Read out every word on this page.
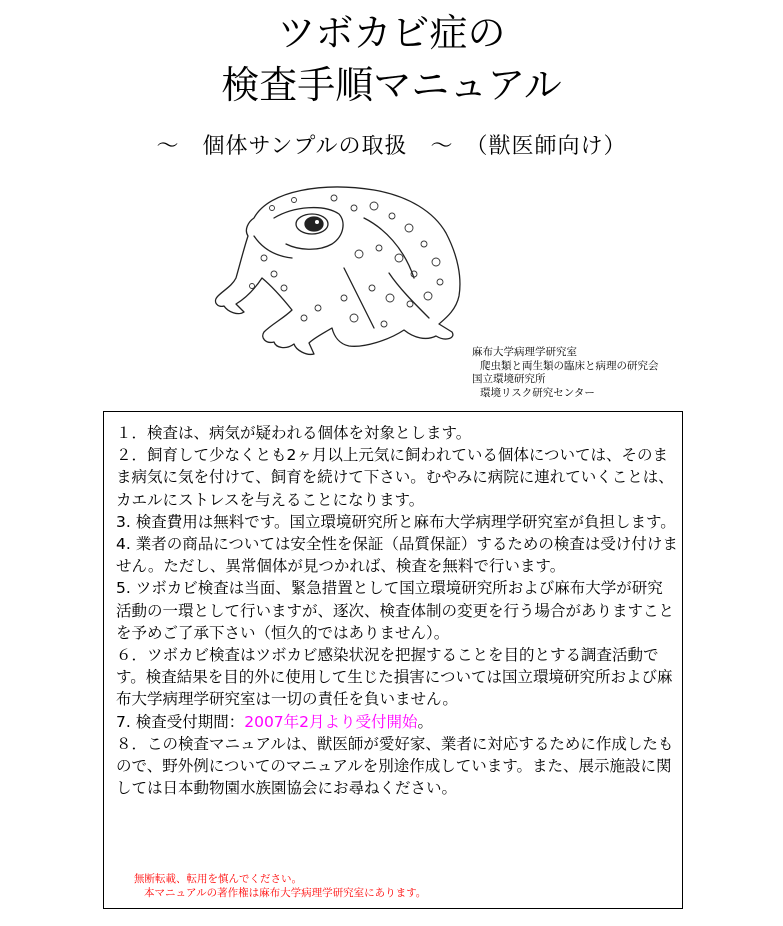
ツボカビ症の
検査手順マニュアル
〜　個体サンプルの取扱　〜　（獣医師向け）
麻布大学病理学研究室
爬虫類と両生類の臨床と病理の研究会
国立環境研究所
環境リスク研究センター

１．検査は、病気が疑われる個体を対象とします。

２．飼育して少なくとも2ヶ月以上元気に飼われている個体については、そのまま病気に気を付けて、飼育を続けて下さい。むやみに病院に連れていくことは、カエルにストレスを与えることになります。

3. 検査費用は無料です。国立環境研究所と麻布大学病理学研究室が負担します。

4. 業者の商品については安全性を保証（品質保証）するための検査は受け付けません。ただし、異常個体が見つかれば、検査を無料で行います。

5. ツボカビ検査は当面、緊急措置として国立環境研究所および麻布大学が研究活動の一環として行いますが、逐次、検査体制の変更を行う場合がありますことを予めご了承下さい（恒久的ではありません）。

６．ツボカビ検査はツボカビ感染状況を把握することを目的とする調査活動です。検査結果を目的外に使用して生じた損害については国立環境研究所および麻布大学病理学研究室は一切の責任を負いません。

7. 検査受付期間：2007年2月より受付開始。

８．この検査マニュアルは、獣医師が愛好家、業者に対応するために作成したもので、野外例についてのマニュアルを別途作成しています。また、展示施設に関しては日本動物園水族園協会にお尋ねください。

無断転載、転用を慎んでください。
本マニュアルの著作権は麻布大学病理学研究室にあります。
